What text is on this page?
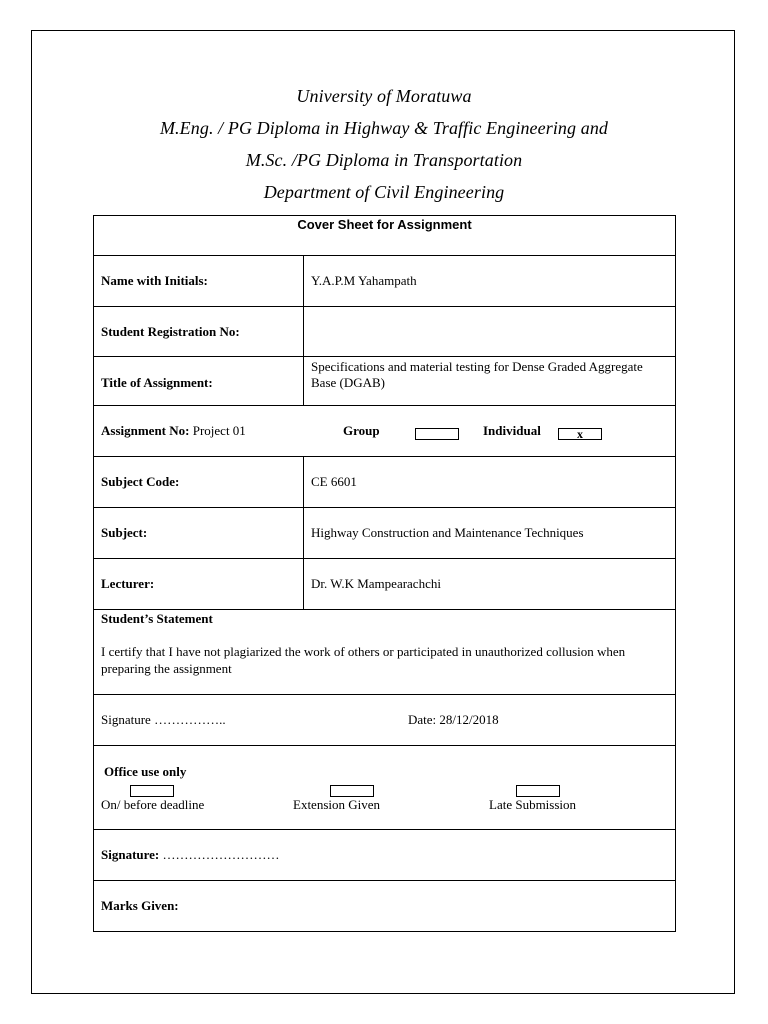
University of Moratuwa
M.Eng. / PG Diploma in Highway & Traffic Engineering and
M.Sc. /PG Diploma in Transportation
Department of Civil Engineering
Cover Sheet for Assignment	
Name with Initials:	Y.A.P.M Yahampath
Student Registration No:	
Title of Assignment:	Specifications and material testing for Dense Graded Aggregate Base (DGAB)

Assignment No: Project 01 Group Individual x	

Subject Code:	CE 6601
Subject:	Highway Construction and Maintenance Techniques
Lecturer:	Dr. W.K Mampearachchi

Student’s Statement
I certify that I have not plagiarized the work of others or participated in unauthorized collusion when preparing the assignment	

Signature …………….. Date: 28/12/2018	

Office use only
On/ before deadline Extension Given Late Submission	

Signature: ………………………	
Marks Given:	
